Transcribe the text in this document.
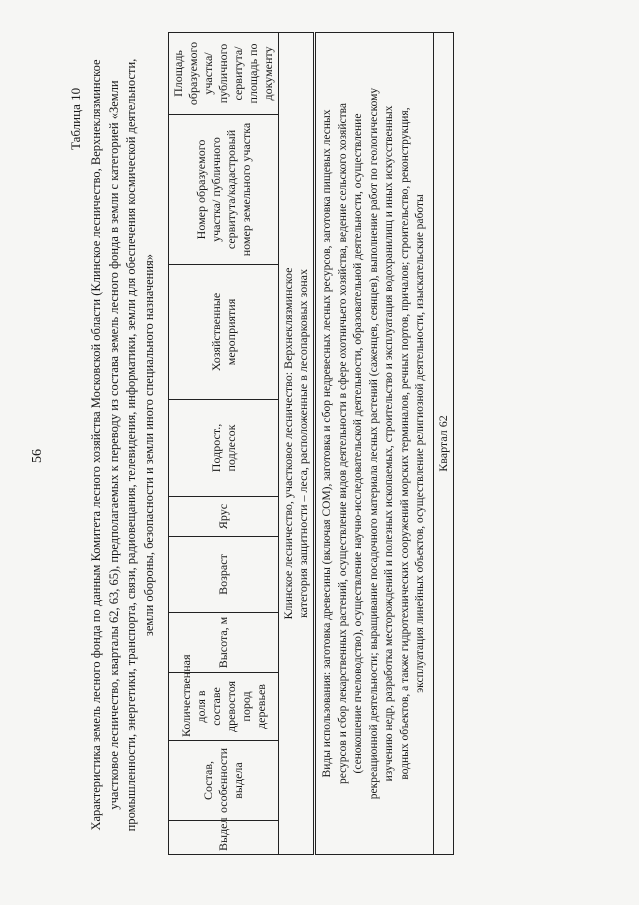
56
Таблица 10 Характеристика земель лесного фонда по данным Комитета лесного хозяйства Московской области (Клинское лесничество, Верхнеклязминское участковое лесничество, кварталы 62, 63, 65), предполагаемых к переводу из состава земель лесного фонда в земли с категорией «Земли промышленности, энергетики, транспорта, связи, радиовещания, телевидения, информатики, земли для обеспечения космической деятельности, земли обороны, безопасности и земли иного специального назначения»
Выдел	Состав, особенности выдела	Количественная доля в составе древостоя пород деревьев	Высота, м	Возраст	Ярус	Подрост., подлесок	Хозяйственные мероприятия	Номер образуемого участка/ публичного сервитута/кадастровый номер земельного участка	Площадь образуемого участка/ публичного сервитута/ площадь по документу

Клинское лесничество, участковое лесничество: Верхнеклязминское категория защитности – леса, расположенные в лесопарковых зонах

Виды использования: заготовка древесины (включая СОМ), заготовка и сбор недревесных лесных ресурсов, заготовка пищевых лесных ресурсов и сбор лекарственных растений, осуществление видов деятельности в сфере охотничьего хозяйства, ведение сельского хозяйства (сенокошение пчеловодство), осуществление научно-исследовательской деятельности, образовательной деятельности, осуществление рекреационной деятельности; выращивание посадочного материала лесных растений (саженцев, сеянцев), выполнение работ по геологическому изучению недр, разработка месторождений и полезных ископаемых, строительство и эксплуатация водохранилищ и иных искусственных водных объектов, а также гидротехнических сооружений морских терминалов, речных портов, причалов; строительство, реконструкция, эксплуатация линейных объектов, осуществление религиозной деятельности, изыскательские работы

Квартал 62
